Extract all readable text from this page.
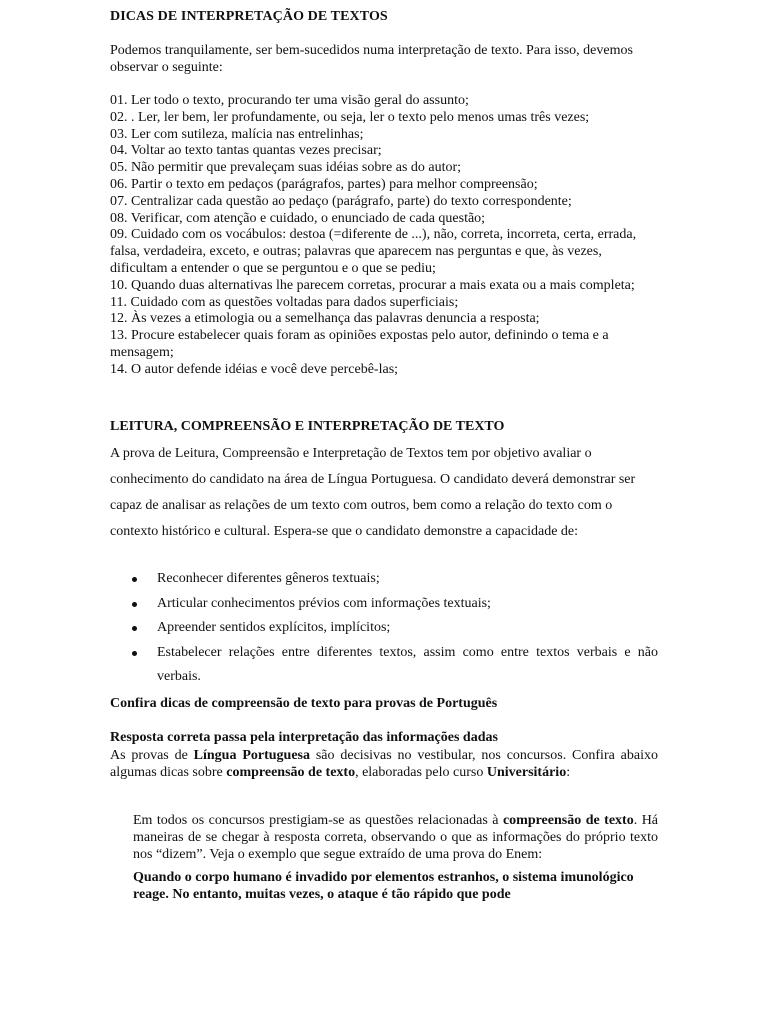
DICAS DE INTERPRETAÇÃO DE TEXTOS
Podemos tranquilamente, ser bem-sucedidos numa interpretação de texto. Para isso, devemos observar o seguinte:
01. Ler todo o texto, procurando ter uma visão geral do assunto;
02. . Ler, ler bem, ler profundamente, ou seja, ler o texto pelo menos umas três vezes;
03. Ler com sutileza, malícia nas entrelinhas;
04. Voltar ao texto tantas quantas vezes precisar;
05. Não permitir que prevaleçam suas idéias sobre as do autor;
06. Partir o texto em pedaços (parágrafos, partes) para melhor compreensão;
07. Centralizar cada questão ao pedaço (parágrafo, parte) do texto correspondente;
08. Verificar, com atenção e cuidado, o enunciado de cada questão;
09. Cuidado com os vocábulos: destoa (=diferente de ...), não, correta, incorreta, certa, errada, falsa, verdadeira, exceto, e outras; palavras que aparecem nas perguntas e que, às vezes, dificultam a entender o que se perguntou e o que se pediu;
10. Quando duas alternativas lhe parecem corretas, procurar a mais exata ou a mais completa;
11. Cuidado com as questões voltadas para dados superficiais;
12. Às vezes a etimologia ou a semelhança das palavras denuncia a resposta;
13. Procure estabelecer quais foram as opiniões expostas pelo autor, definindo o tema e a mensagem;
14. O autor defende idéias e você deve percebê-las;
LEITURA, COMPREENSÃO E INTERPRETAÇÃO DE TEXTO
A prova de Leitura, Compreensão e Interpretação de Textos tem por objetivo avaliar o conhecimento do candidato na área de Língua Portuguesa. O candidato deverá demonstrar ser capaz de analisar as relações de um texto com outros, bem como a relação do texto com o contexto histórico e cultural. Espera-se que o candidato demonstre a capacidade de:
Reconhecer diferentes gêneros textuais;
Articular conhecimentos prévios com informações textuais;
Apreender sentidos explícitos, implícitos;
Estabelecer relações entre diferentes textos, assim como entre textos verbais e não verbais.
Confira dicas de compreensão de texto para provas de Português
Resposta correta passa pela interpretação das informações dadas
As provas de Língua Portuguesa são decisivas no vestibular, nos concursos. Confira abaixo algumas dicas sobre compreensão de texto, elaboradas pelo curso Universitário:
Em todos os concursos prestigiam-se as questões relacionadas à compreensão de texto. Há maneiras de se chegar à resposta correta, observando o que as informações do próprio texto nos “dizem”. Veja o exemplo que segue extraído de uma prova do Enem:
Quando o corpo humano é invadido por elementos estranhos, o sistema imunológico reage. No entanto, muitas vezes, o ataque é tão rápido que pode
